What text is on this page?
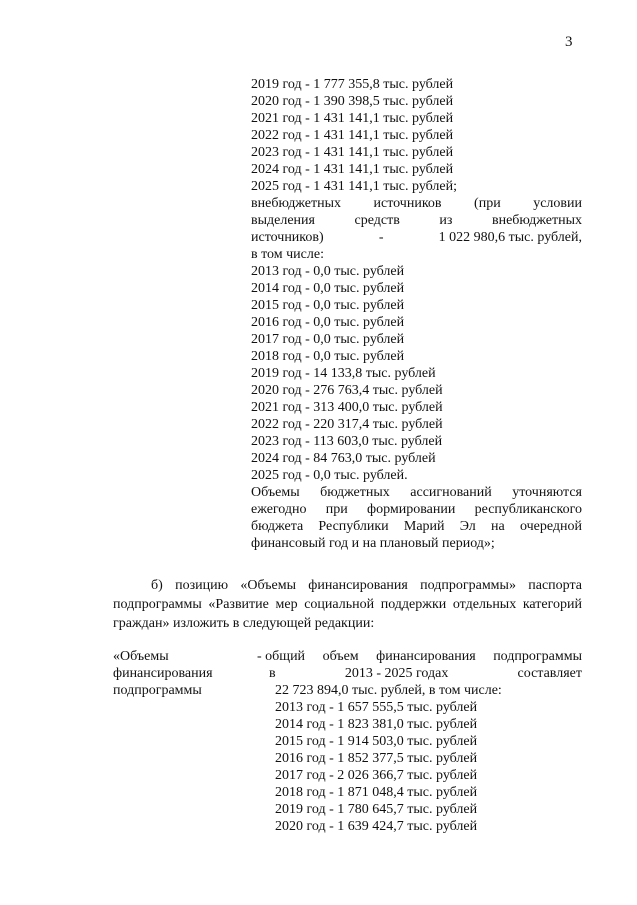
3
2019 год - 1 777 355,8 тыс. рублей
2020 год - 1 390 398,5 тыс. рублей
2021 год - 1 431 141,1 тыс. рублей
2022 год - 1 431 141,1 тыс. рублей
2023 год - 1 431 141,1 тыс. рублей
2024 год - 1 431 141,1 тыс. рублей
2025 год - 1 431 141,1 тыс. рублей;
внебюджетных источников (при условии
выделения	средств	из	внебюджетных
источников)	-	1 022 980,6 тыс. рублей,
в том числе:
2013 год - 0,0 тыс. рублей
2014 год - 0,0 тыс. рублей
2015 год - 0,0 тыс. рублей
2016 год - 0,0 тыс. рублей
2017 год - 0,0 тыс. рублей
2018 год - 0,0 тыс. рублей
2019 год - 14 133,8 тыс. рублей
2020 год - 276 763,4 тыс. рублей
2021 год - 313 400,0 тыс. рублей
2022 год - 220 317,4 тыс. рублей
2023 год - 113 603,0 тыс. рублей
2024 год - 84 763,0 тыс. рублей
2025 год - 0,0 тыс. рублей.
Объемы бюджетных ассигнований уточняются
ежегодно при формировании республиканского
бюджета Республики Марий Эл на очередной
финансовый год и на плановый период»;
б) позицию «Объемы финансирования подпрограммы» паспорта подпрограммы «Развитие мер социальной поддержки отдельных категорий граждан» изложить в следующей редакции:
«Объемы
финансирования
подпрограммы
- общий объем финансирования подпрограммы
в	2013 - 2025 годах	составляет
22 723 894,0 тыс. рублей, в том числе:
2013 год - 1 657 555,5 тыс. рублей
2014 год - 1 823 381,0 тыс. рублей
2015 год - 1 914 503,0 тыс. рублей
2016 год - 1 852 377,5 тыс. рублей
2017 год - 2 026 366,7 тыс. рублей
2018 год - 1 871 048,4 тыс. рублей
2019 год - 1 780 645,7 тыс. рублей
2020 год - 1 639 424,7 тыс. рублей
